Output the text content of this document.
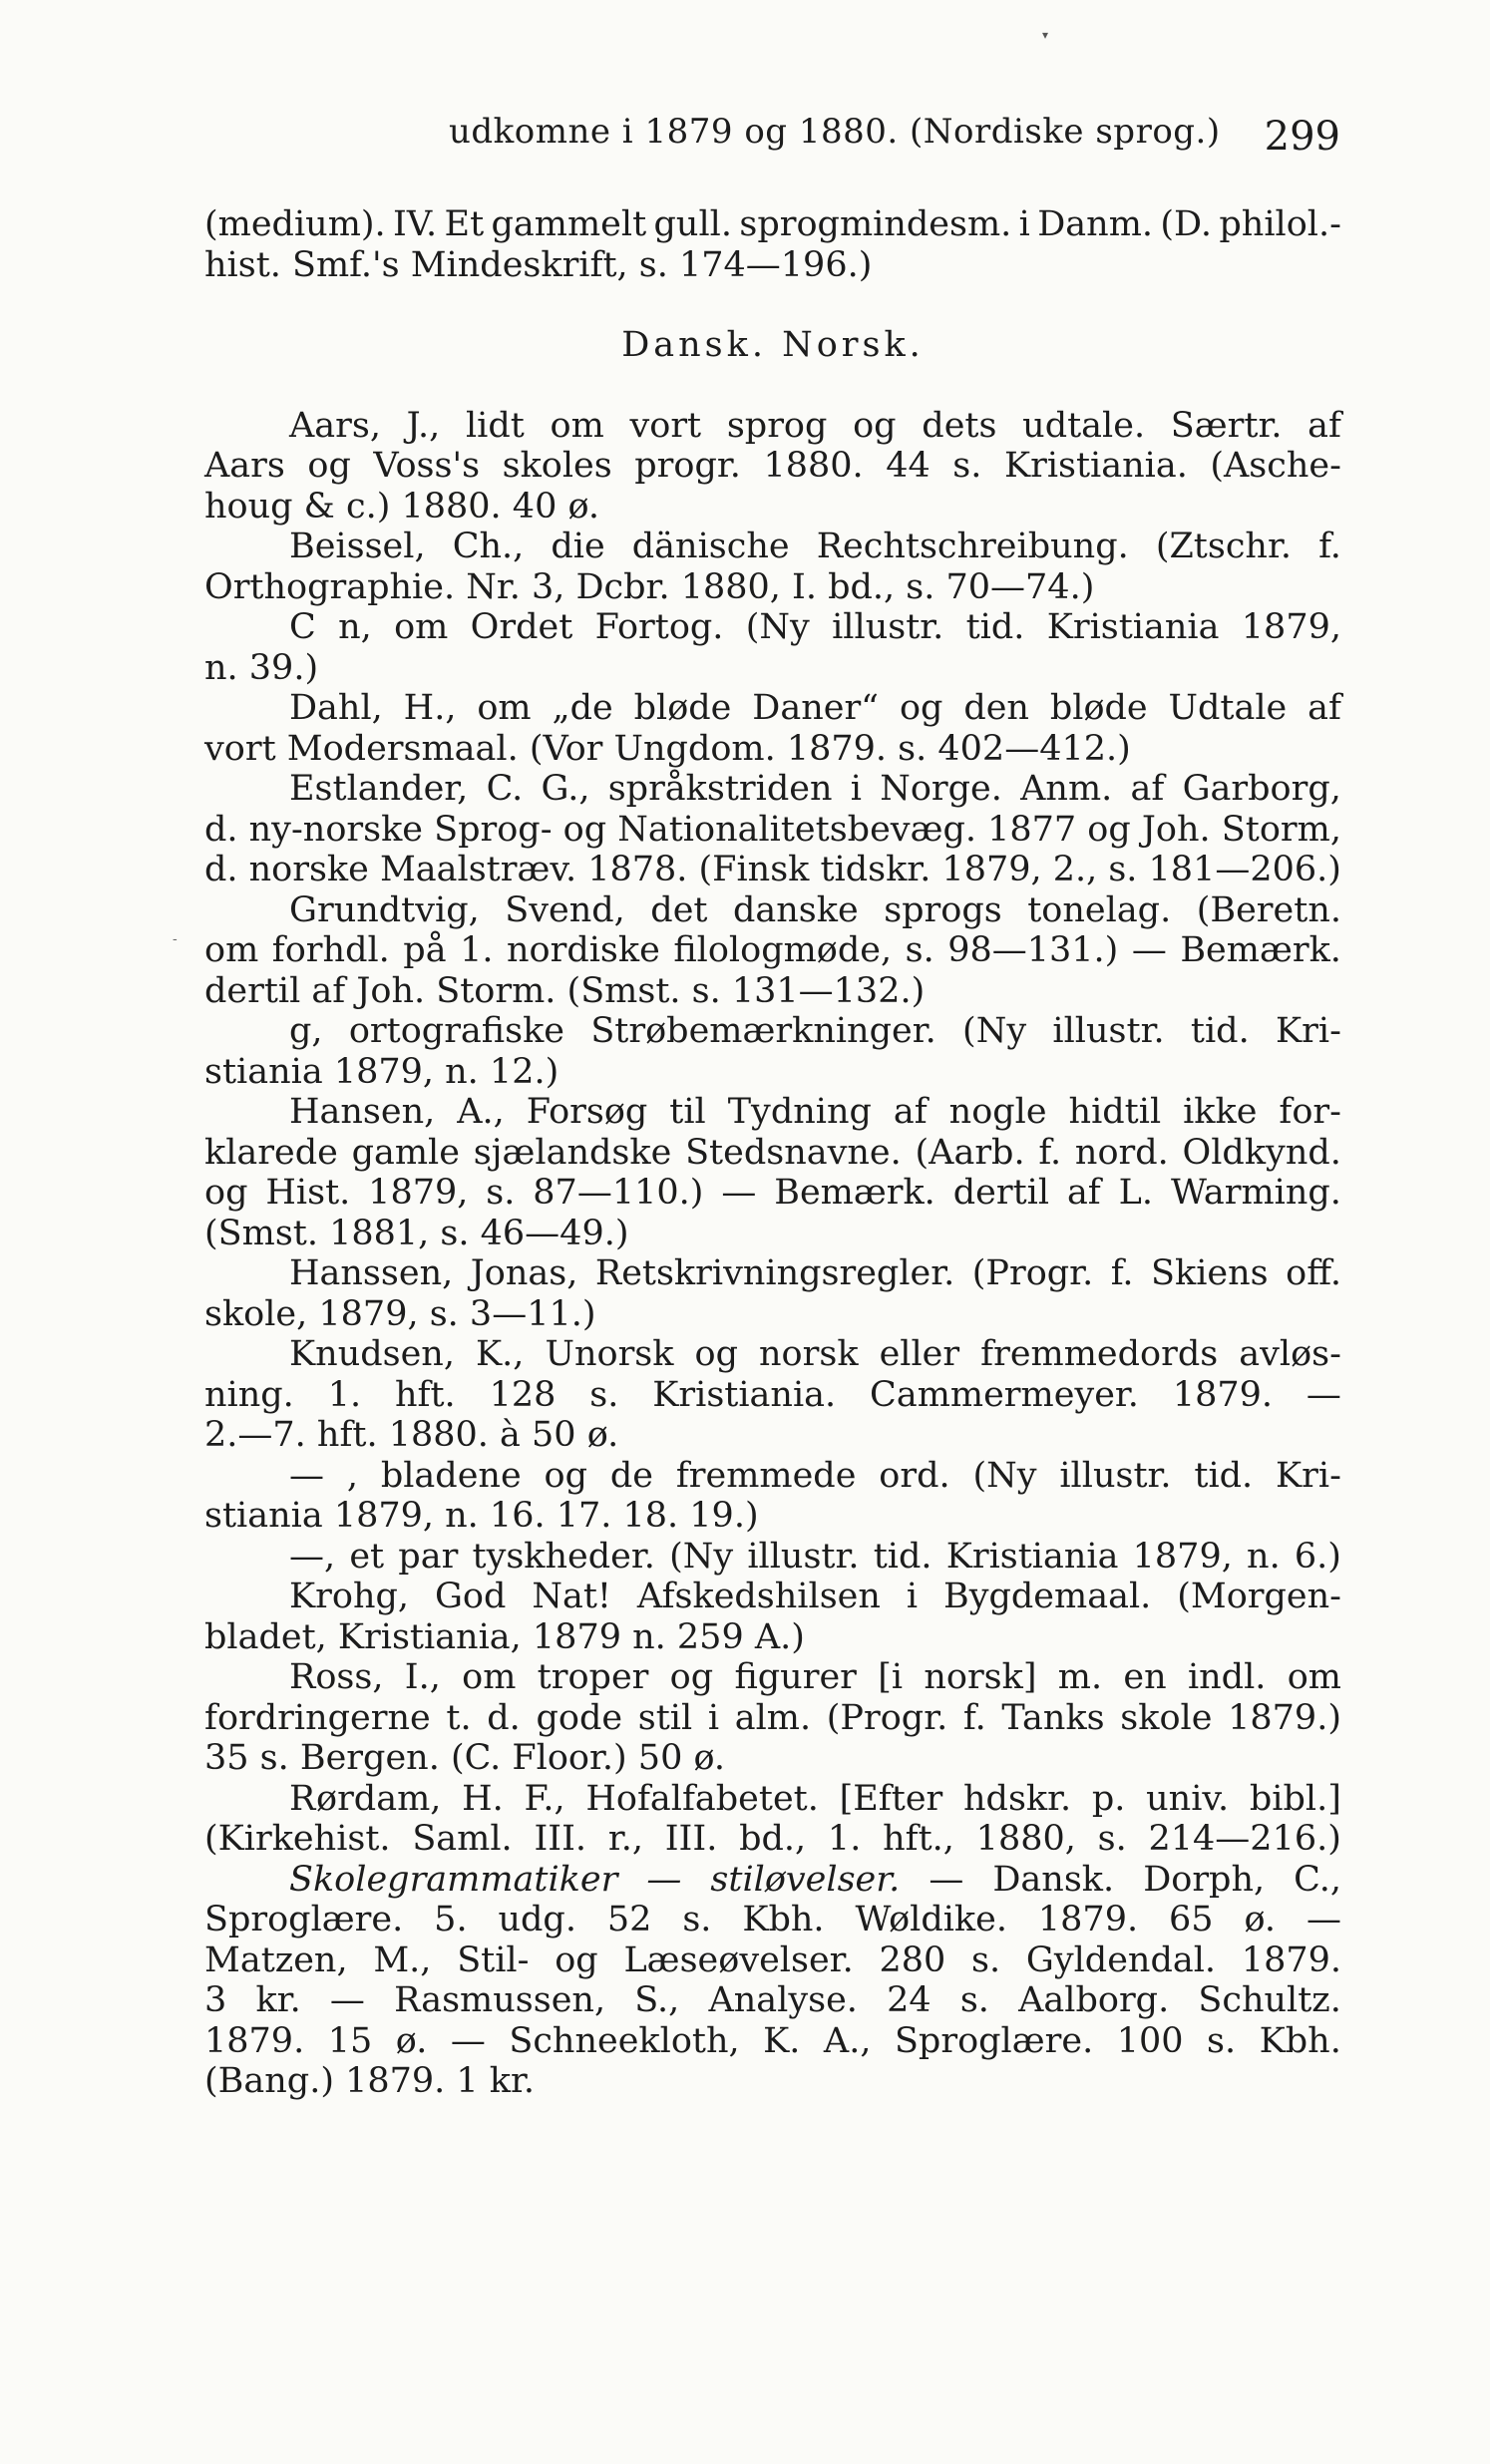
▾
-
udkomne i 1879 og 1880. (Nordiske sprog.) 299
(medium). IV. Et gammelt gull. sprogmindesm. i Danm. (D. philol.-
hist. Smf.'s Mindeskrift, s. 174—196.)
Dansk. Norsk.
Aars, J., lidt om vort sprog og dets udtale. Særtr. af
Aars og Voss's skoles progr. 1880. 44 s. Kristiania. (Asche-
houg & c.) 1880. 40 ø.
Beissel, Ch., die dänische Rechtschreibung. (Ztschr. f.
Orthographie. Nr. 3, Dcbr. 1880, I. bd., s. 70—74.)
C n, om Ordet Fortog. (Ny illustr. tid. Kristiania 1879,
n. 39.)
Dahl, H., om „de bløde Daner“ og den bløde Udtale af
vort Modersmaal. (Vor Ungdom. 1879. s. 402—412.)
Estlander, C. G., språkstriden i Norge. Anm. af Garborg,
d. ny-norske Sprog- og Nationalitetsbevæg. 1877 og Joh. Storm,
d. norske Maalstræv. 1878. (Finsk tidskr. 1879, 2., s. 181—206.)
Grundtvig, Svend, det danske sprogs tonelag. (Beretn.
om forhdl. på 1. nordiske filologmøde, s. 98—131.) — Bemærk.
dertil af Joh. Storm. (Smst. s. 131—132.)
g, ortografiske Strøbemærkninger. (Ny illustr. tid. Kri-
stiania 1879, n. 12.)
Hansen, A., Forsøg til Tydning af nogle hidtil ikke for-
klarede gamle sjælandske Stedsnavne. (Aarb. f. nord. Oldkynd.
og Hist. 1879, s. 87—110.) — Bemærk. dertil af L. Warming.
(Smst. 1881, s. 46—49.)
Hanssen, Jonas, Retskrivningsregler. (Progr. f. Skiens off.
skole, 1879, s. 3—11.)
Knudsen, K., Unorsk og norsk eller fremmedords avløs-
ning. 1. hft. 128 s. Kristiania. Cammermeyer. 1879. —
2.—7. hft. 1880. à 50 ø.
— , bladene og de fremmede ord. (Ny illustr. tid. Kri-
stiania 1879, n. 16. 17. 18. 19.)
—, et par tyskheder. (Ny illustr. tid. Kristiania 1879, n. 6.)
Krohg, God Nat! Afskedshilsen i Bygdemaal. (Morgen-
bladet, Kristiania, 1879 n. 259 A.)
Ross, I., om troper og figurer [i norsk] m. en indl. om
fordringerne t. d. gode stil i alm. (Progr. f. Tanks skole 1879.)
35 s. Bergen. (C. Floor.) 50 ø.
Rørdam, H. F., Hofalfabetet. [Efter hdskr. p. univ. bibl.]
(Kirkehist. Saml. III. r., III. bd., 1. hft., 1880, s. 214—216.)
Skolegrammatiker — stiløvelser. — Dansk. Dorph, C.,
Sproglære. 5. udg. 52 s. Kbh. Wøldike. 1879. 65 ø. —
Matzen, M., Stil- og Læseøvelser. 280 s. Gyldendal. 1879.
3 kr. — Rasmussen, S., Analyse. 24 s. Aalborg. Schultz.
1879. 15 ø. — Schneekloth, K. A., Sproglære. 100 s. Kbh.
(Bang.) 1879. 1 kr.
